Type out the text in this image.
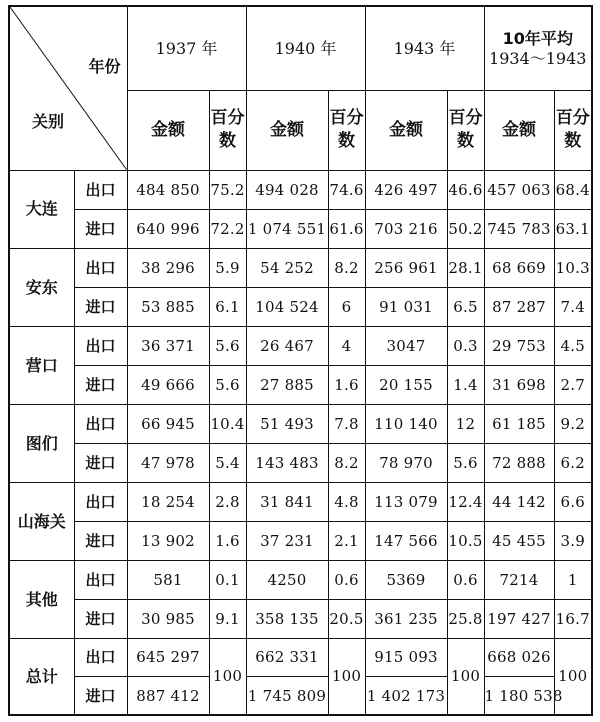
年份
关别		1937 年		1940 年		1943 年		10年平均
1934～1943	

		金额	百分数	金额	百分数	金额	百分数	金额	百分数
大连	出口	484 850	75.2	494 028	74.6	426 497	46.6	457 063	68.4
	进口	640 996	72.2	1 074 551	61.6	703 216	50.2	745 783	63.1
安东	出口	38 296	5.9	54 252	8.2	256 961	28.1	68 669	10.3
	进口	53 885	6.1	104 524	6	91 031	6.5	87 287	7.4
营口	出口	36 371	5.6	26 467	4	3047	0.3	29 753	4.5
	进口	49 666	5.6	27 885	1.6	20 155	1.4	31 698	2.7
图们	出口	66 945	10.4	51 493	7.8	110 140	12	61 185	9.2
	进口	47 978	5.4	143 483	8.2	78 970	5.6	72 888	6.2
山海关	出口	18 254	2.8	31 841	4.8	113 079	12.4	44 142	6.6
	进口	13 902	1.6	37 231	2.1	147 566	10.5	45 455	3.9
其他	出口	581	0.1	4250	0.6	5369	0.6	7214	1
	进口	30 985	9.1	358 135	20.5	361 235	25.8	197 427	16.7
总计	出口	645 297	100	662 331	100	915 093	100	668 026	100
	进口	887 412		1 745 809		1 402 173		1 180 538	
